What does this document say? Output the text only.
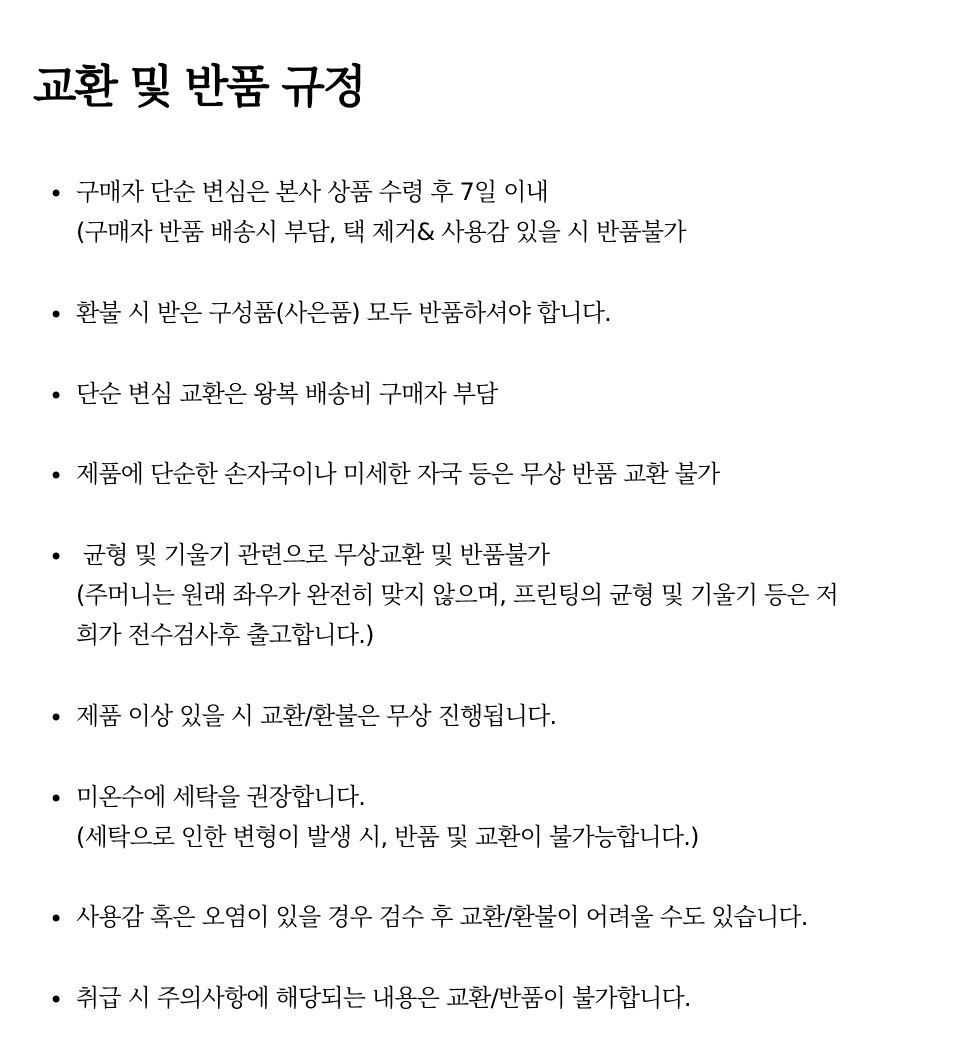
교환 및 반품 규정
• 구매자 단순 변심은 본사 상품 수령 후 7일 이내
(구매자 반품 배송시 부담, 택 제거& 사용감 있을 시 반품불가
• 환불 시 받은 구성품(사은품) 모두 반품하셔야 합니다.
• 단순 변심 교환은 왕복 배송비 구매자 부담
• 제품에 단순한 손자국이나 미세한 자국 등은 무상 반품 교환 불가
• 균형 및 기울기 관련으로 무상교환 및 반품불가
(주머니는 원래 좌우가 완전히 맞지 않으며, 프린팅의 균형 및 기울기 등은 저
희가 전수검사후 출고합니다.)
• 제품 이상 있을 시 교환/환불은 무상 진행됩니다.
• 미온수에 세탁을 권장합니다.
(세탁으로 인한 변형이 발생 시, 반품 및 교환이 불가능합니다.)
• 사용감 혹은 오염이 있을 경우 검수 후 교환/환불이 어려울 수도 있습니다.
• 취급 시 주의사항에 해당되는 내용은 교환/반품이 불가합니다.
